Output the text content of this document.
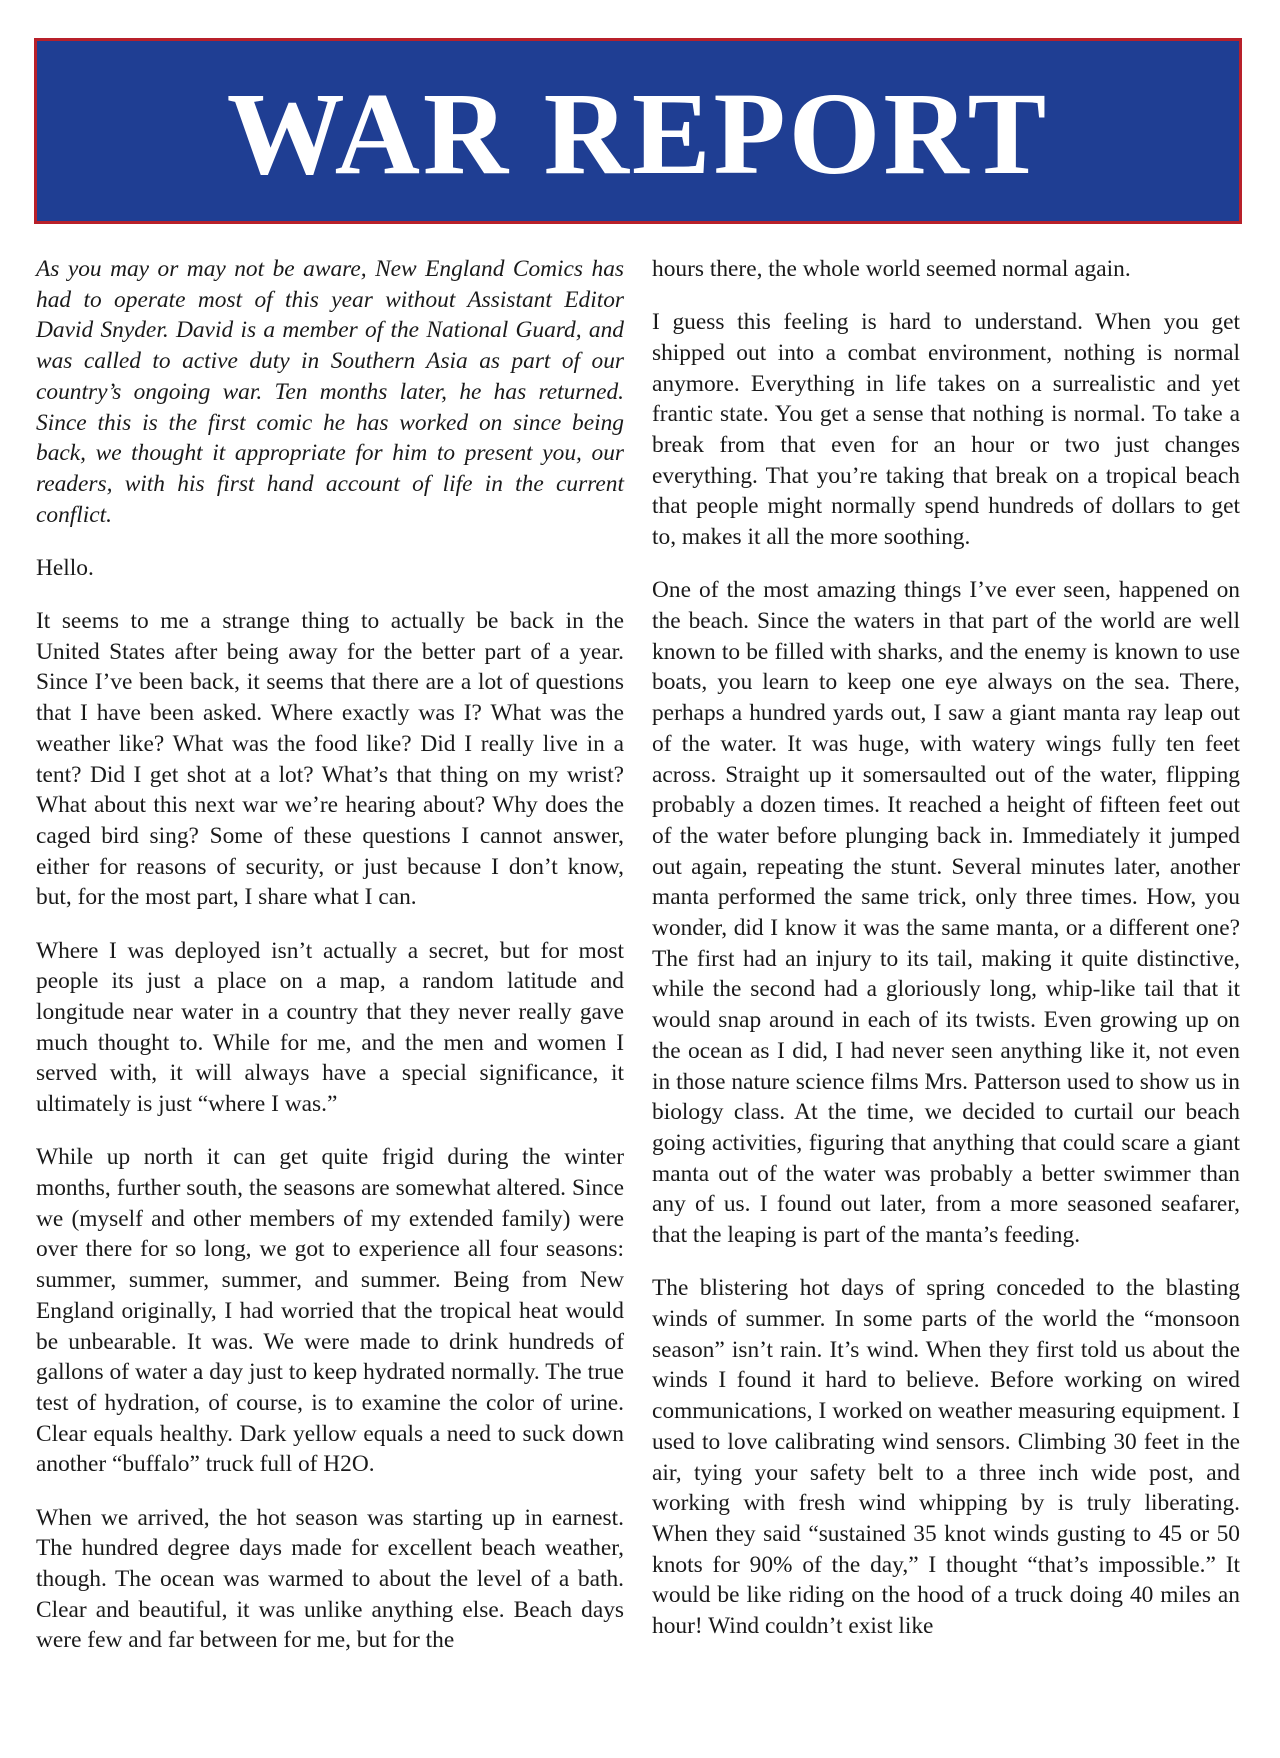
WAR REPORT

As you may or may not be aware, New England Comics has had to operate most of this year without Assistant Editor David Snyder. David is a member of the National Guard, and was called to active duty in Southern Asia as part of our country’s ongoing war. Ten months later, he has returned. Since this is the first comic he has worked on since being back, we thought it appropriate for him to present you, our readers, with his first hand account of life in the current conflict.

Hello.

It seems to me a strange thing to actually be back in the United States after being away for the better part of a year. Since I’ve been back, it seems that there are a lot of questions that I have been asked. Where exactly was I? What was the weather like? What was the food like? Did I really live in a tent? Did I get shot at a lot? What’s that thing on my wrist? What about this next war we’re hearing about? Why does the caged bird sing? Some of these questions I cannot answer, either for reasons of security, or just because I don’t know, but, for the most part, I share what I can.

Where I was deployed isn’t actually a secret, but for most people its just a place on a map, a random latitude and longitude near water in a country that they never really gave much thought to. While for me, and the men and women I served with, it will always have a special significance, it ultimately is just “where I was.”

While up north it can get quite frigid during the winter months, further south, the seasons are somewhat altered. Since we (myself and other members of my extended family) were over there for so long, we got to experience all four seasons: summer, summer, summer, and summer. Being from New England originally, I had worried that the tropical heat would be unbearable. It was. We were made to drink hundreds of gallons of water a day just to keep hydrated normally. The true test of hydration, of course, is to examine the color of urine. Clear equals healthy. Dark yellow equals a need to suck down another “buffalo” truck full of H2O.

When we arrived, the hot season was starting up in earnest. The hundred degree days made for excellent beach weather, though. The ocean was warmed to about the level of a bath. Clear and beautiful, it was unlike anything else. Beach days were few and far between for me, but for the

hours there, the whole world seemed normal again.

I guess this feeling is hard to understand. When you get shipped out into a combat environment, nothing is normal anymore. Everything in life takes on a surrealistic and yet frantic state. You get a sense that nothing is normal. To take a break from that even for an hour or two just changes everything. That you’re taking that break on a tropical beach that people might normally spend hundreds of dollars to get to, makes it all the more soothing.

One of the most amazing things I’ve ever seen, happened on the beach. Since the waters in that part of the world are well known to be filled with sharks, and the enemy is known to use boats, you learn to keep one eye always on the sea. There, perhaps a hundred yards out, I saw a giant manta ray leap out of the water. It was huge, with watery wings fully ten feet across. Straight up it somersaulted out of the water, flipping probably a dozen times. It reached a height of fifteen feet out of the water before plunging back in. Immediately it jumped out again, repeating the stunt. Several minutes later, another manta performed the same trick, only three times. How, you wonder, did I know it was the same manta, or a different one? The first had an injury to its tail, making it quite distinctive, while the second had a gloriously long, whip-like tail that it would snap around in each of its twists. Even growing up on the ocean as I did, I had never seen anything like it, not even in those nature science films Mrs. Patterson used to show us in biology class. At the time, we decided to curtail our beach going activities, figuring that anything that could scare a giant manta out of the water was probably a better swimmer than any of us. I found out later, from a more seasoned seafarer, that the leaping is part of the manta’s feeding.

The blistering hot days of spring conceded to the blasting winds of summer. In some parts of the world the “monsoon season” isn’t rain. It’s wind. When they first told us about the winds I found it hard to believe. Before working on wired communications, I worked on weather measuring equipment. I used to love calibrating wind sensors. Climbing 30 feet in the air, tying your safety belt to a three inch wide post, and working with fresh wind whipping by is truly liberating. When they said “sustained 35 knot winds gusting to 45 or 50 knots for 90% of the day,” I thought “that’s impossible.” It would be like riding on the hood of a truck doing 40 miles an hour! Wind couldn’t exist like
